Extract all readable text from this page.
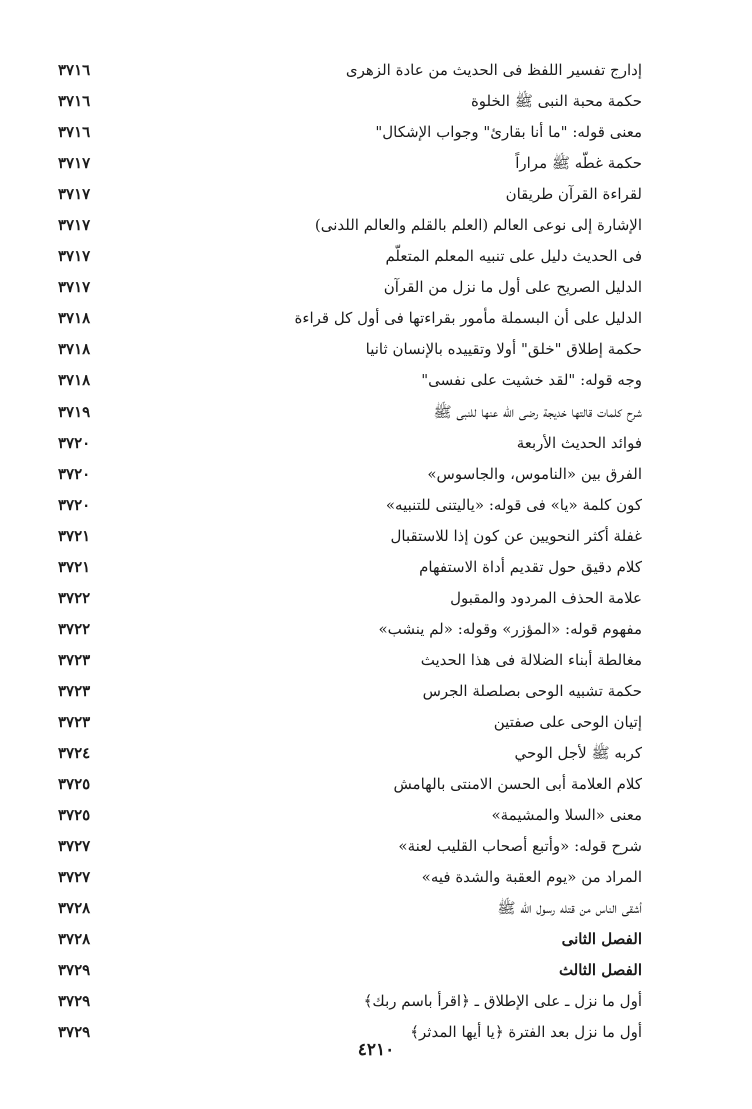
إدارج تفسير اللفظ فى الحديث من عادة الزهرى
٣٧١٦
حكمة محبة النبى ﷺ الخلوة
٣٧١٦
معنى قوله: "ما أنا بقارئ" وجواب الإشكال"
٣٧١٦
حكمة غطّه ﷺ مراراً
٣٧١٧
لقراءة القرآن طريقان
٣٧١٧
الإشارة إلى نوعى العالم (العلم بالقلم والعالم اللدنى)
٣٧١٧
فى الحديث دليل على تنبيه المعلم المتعلّم
٣٧١٧
الدليل الصريح على أول ما نزل من القرآن
٣٧١٧
الدليل على أن البسملة مأمور بقراءتها فى أول كل قراءة
٣٧١٨
حكمة إطلاق "خلق" أولا وتقييده بالإنسان ثانيا
٣٧١٨
وجه قوله: "لقد خشيت على نفسى"
٣٧١٨
شرح كلمات قالتها خديجة رضى الله عنها للنبى ﷺ
٣٧١٩
فوائد الحديث الأربعة
٣٧٢٠
الفرق بين «الناموس، والجاسوس»
٣٧٢٠
كون كلمة «يا» فى قوله: «ياليتنى للتنبيه»
٣٧٢٠
غفلة أكثر النحويين عن كون إذا للاستقبال
٣٧٢١
كلام دقيق حول تقديم أداة الاستفهام
٣٧٢١
علامة الحذف المردود والمقبول
٣٧٢٢
مفهوم قوله: «المؤزر» وقوله: «لم ينشب»
٣٧٢٢
مغالطة أبناء الضلالة فى هذا الحديث
٣٧٢٣
حكمة تشبيه الوحى بصلصلة الجرس
٣٧٢٣
إتيان الوحى على صفتين
٣٧٢٣
كربه ﷺ لأجل الوحي
٣٧٢٤
كلام العلامة أبى الحسن الامنتى بالهامش
٣٧٢٥
معنى «السلا والمشيمة»
٣٧٢٥
شرح قوله: «وأتبع أصحاب القليب لعنة»
٣٧٢٧
المراد من «يوم العقبة والشدة فيه»
٣٧٢٧
أشقى الناس من قتله رسول الله ﷺ
٣٧٢٨
الفصل الثانى
٣٧٢٨
الفصل الثالث
٣٧٢٩
أول ما نزل ـ على الإطلاق ـ ﴿اقرأ باسم ربك﴾
٣٧٢٩
أول ما نزل بعد الفترة ﴿يا أيها المدثر﴾
٣٧٢٩
٤٢١٠
